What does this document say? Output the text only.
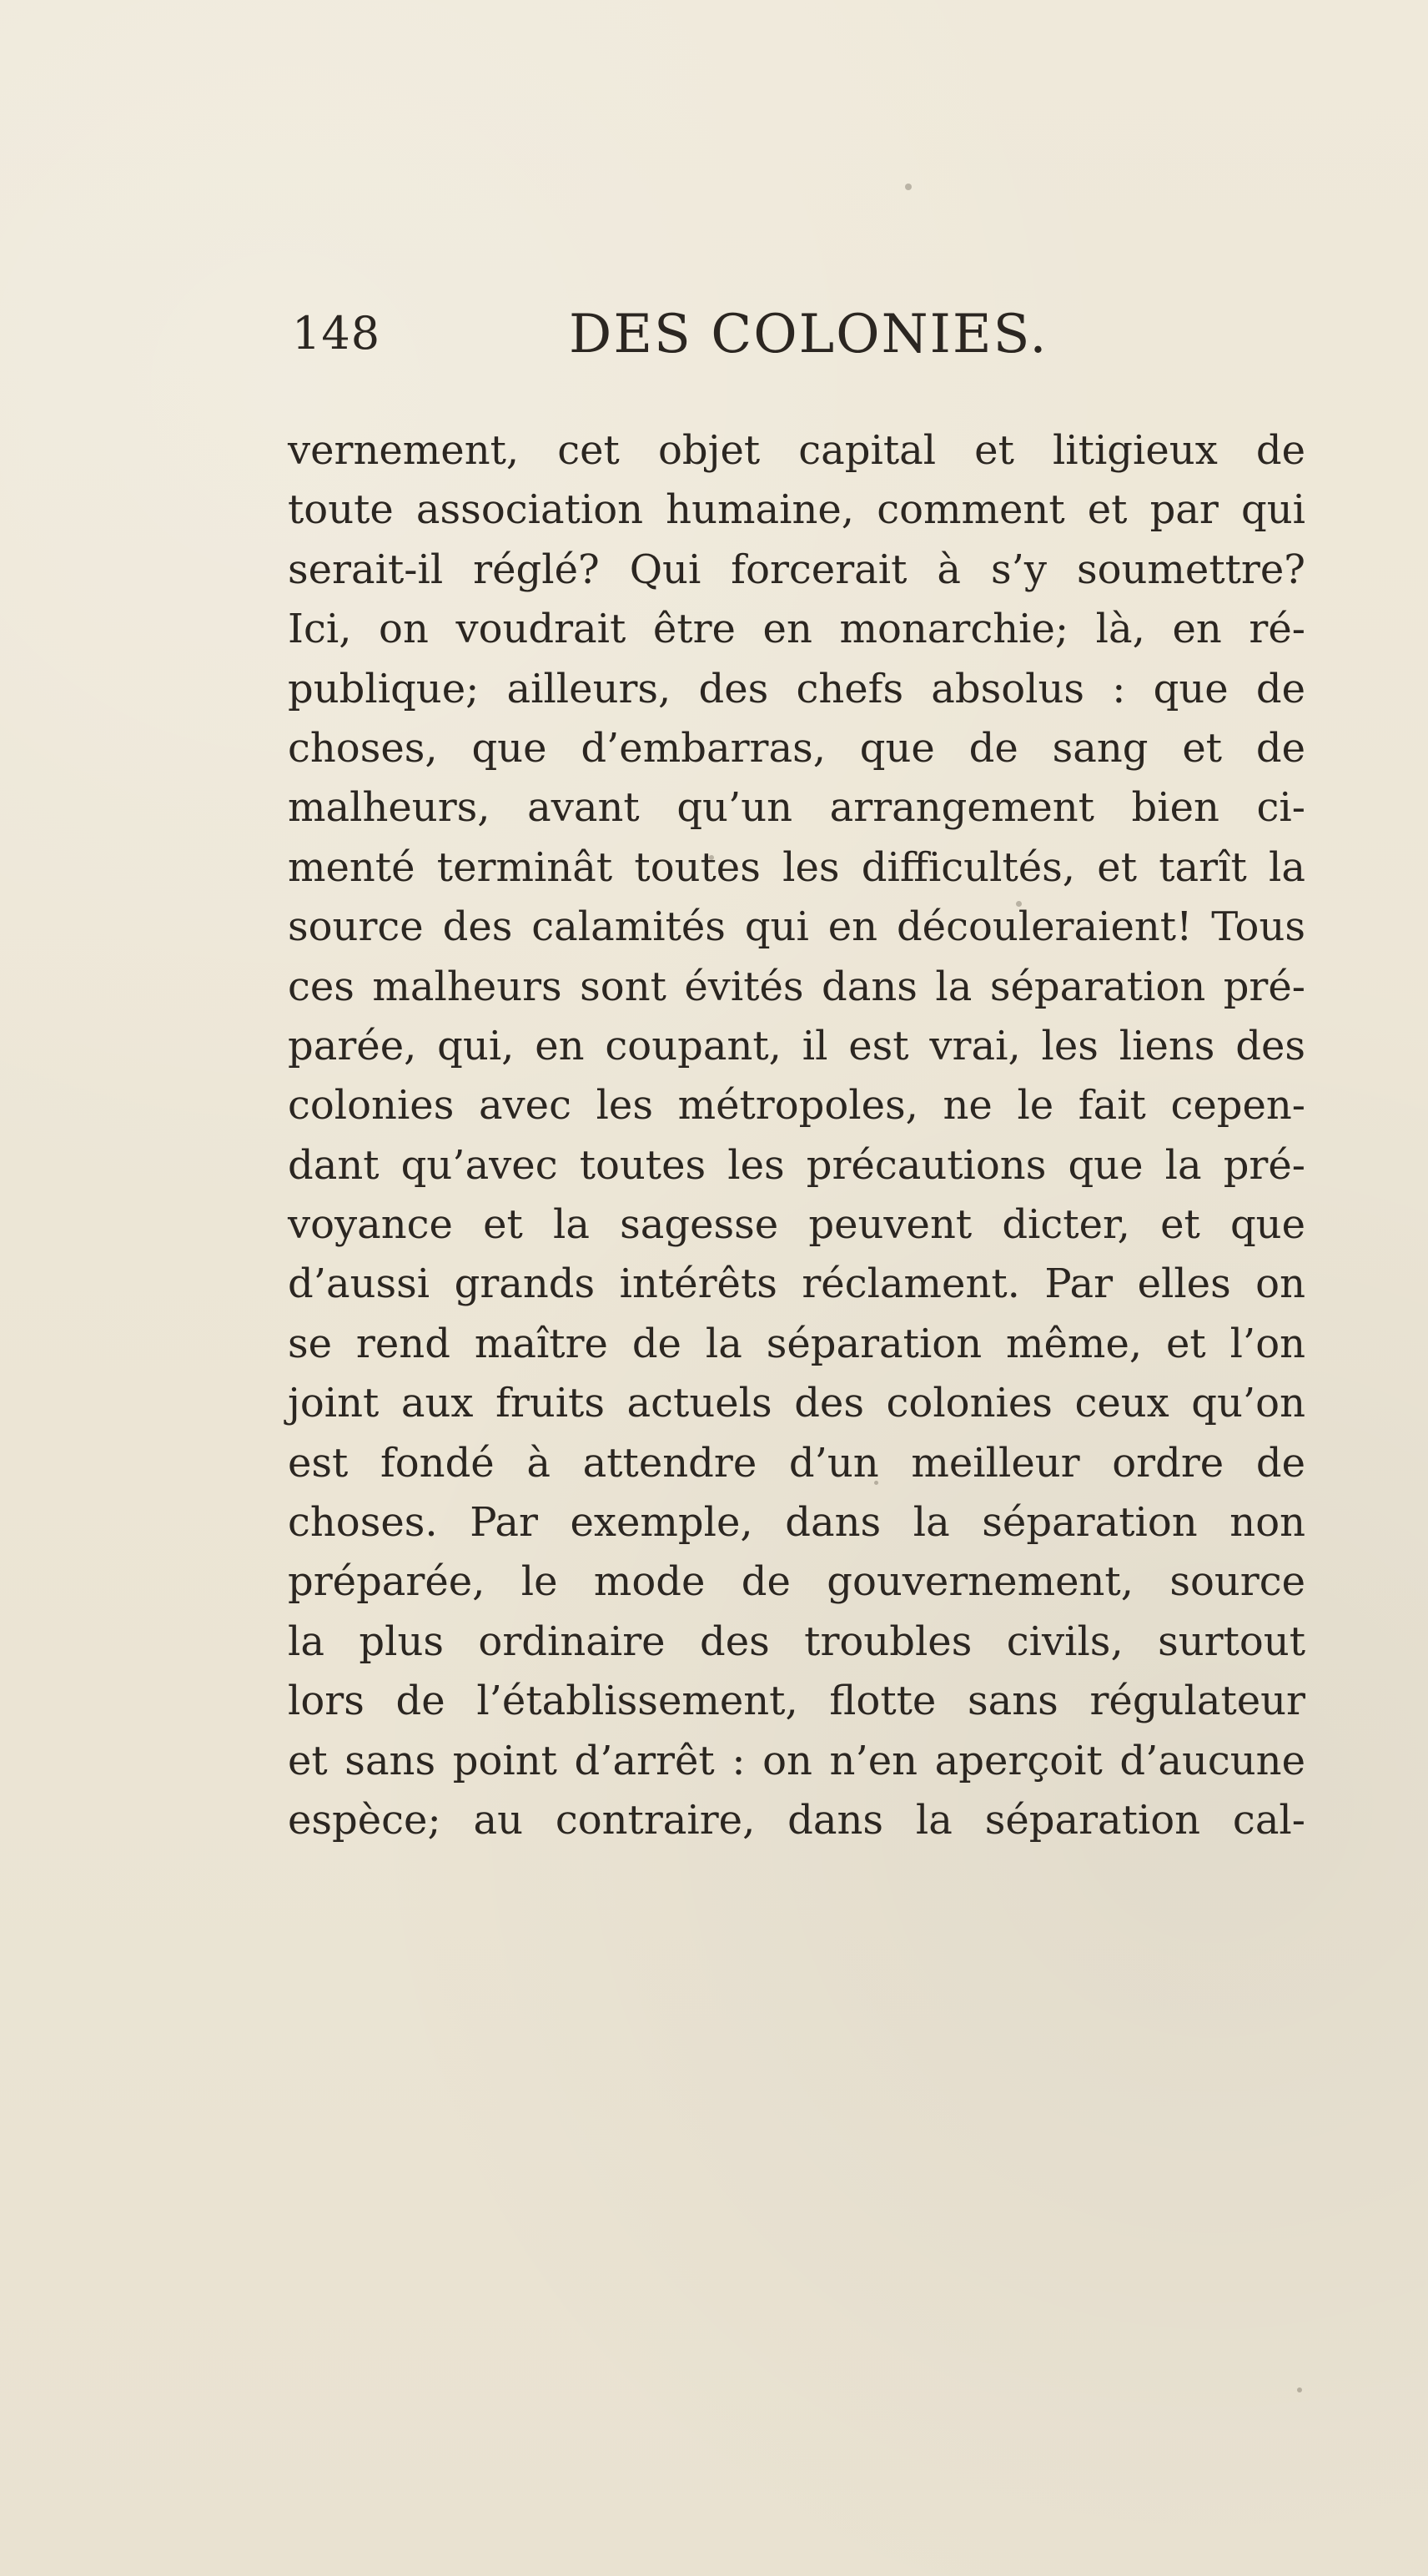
148	DES COLONIES.
vernement, cet objet capital et litigieux de
toute association humaine, comment et par qui
serait-il réglé? Qui forcerait à s’y soumettre?
Ici, on voudrait être en monarchie; là, en ré-
publique; ailleurs, des chefs absolus : que de
choses, que d’embarras, que de sang et de
malheurs, avant qu’un arrangement bien ci-
menté terminât toutes les difficultés, et tarît la
source des calamités qui en découleraient! Tous
ces malheurs sont évités dans la séparation pré-
parée, qui, en coupant, il est vrai, les liens des
colonies avec les métropoles, ne le fait cepen-
dant qu’avec toutes les précautions que la pré-
voyance et la sagesse peuvent dicter, et que
d’aussi grands intérêts réclament. Par elles on
se rend maître de la séparation même, et l’on
joint aux fruits actuels des colonies ceux qu’on
est fondé à attendre d’un meilleur ordre de
choses. Par exemple, dans la séparation non
préparée, le mode de gouvernement, source
la plus ordinaire des troubles civils, surtout
lors de l’établissement, flotte sans régulateur
et sans point d’arrêt : on n’en aperçoit d’aucune
espèce; au contraire, dans la séparation cal-
